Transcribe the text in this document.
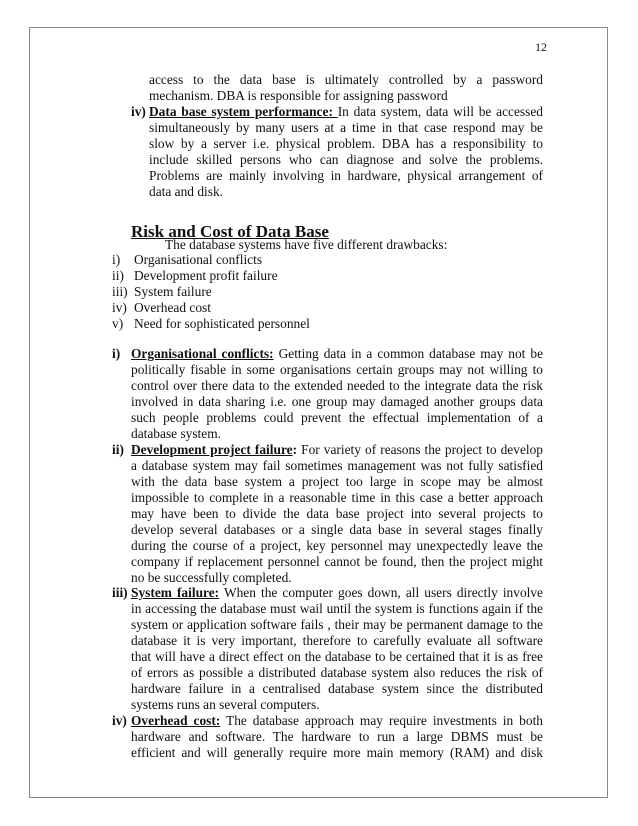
12
access to the data base is ultimately controlled by a password
mechanism. DBA is responsible for assigning password
iv) Data base system performance: In data system, data will be accessed
simultaneously by many users at a time in that case respond may be
slow by a server i.e. physical problem. DBA has a responsibility to
include skilled persons who can diagnose and solve the problems.
Problems are mainly involving in hardware, physical arrangement of
data and disk.
Risk and Cost of Data Base
The database systems have five different drawbacks:
i) Organisational conflicts
ii) Development profit failure
iii) System failure
iv) Overhead cost
v) Need for sophisticated personnel
i) Organisational conflicts: Getting data in a common database may not be
politically fisable in some organisations certain groups may not willing to
control over there data to the extended needed to the integrate data the risk
involved in data sharing i.e. one group may damaged another groups data
such people problems could prevent the effectual implementation of a
database system.
ii) Development project failure: For variety of reasons the project to develop
a database system may fail sometimes management was not fully satisfied
with the data base system a project too large in scope may be almost
impossible to complete in a reasonable time in this case a better approach
may have been to divide the data base project into several projects to
develop several databases or a single data base in several stages finally
during the course of a project, key personnel may unexpectedly leave the
company if replacement personnel cannot be found, then the project might
no be successfully completed.
iii) System failure: When the computer goes down, all users directly involve
in accessing the database must wail until the system is functions again if the
system or application software fails , their may be permanent damage to the
database it is very important, therefore to carefully evaluate all software
that will have a direct effect on the database to be certained that it is as free
of errors as possible a distributed database system also reduces the risk of
hardware failure in a centralised database system since the distributed
systems runs an several computers.
iv) Overhead cost: The database approach may require investments in both
hardware and software. The hardware to run a large DBMS must be
efficient and will generally require more main memory (RAM) and disk
